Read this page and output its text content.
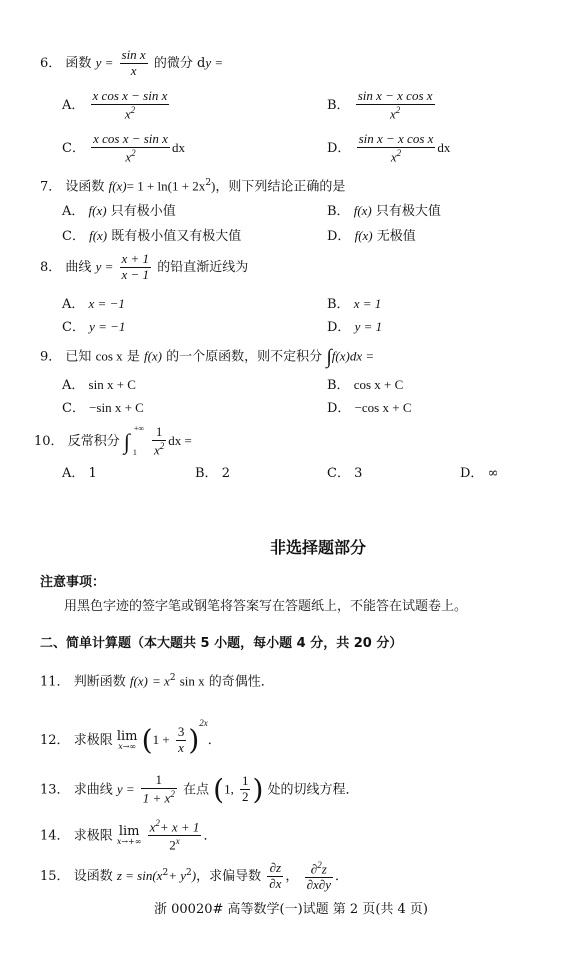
6． 函数 $y = \frac{\text{sin x}}{x}$ 的微分 dy =
A． $\frac{\text{x cos x − sin x}}{x^2}$	B． $\frac{\text{sin x − x cos x}}{x^2}$
C． $\frac{\text{x cos x − sin x}}{x^2}$ dx	D． $\frac{\text{sin x − x cos x}}{x^2}$ dx
7． 设函数 $f(x)= 1 + \ln(1 + 2x^2)$，则下列结论正确的是
A． f(x) 只有极小值	B． f(x) 只有极大值
C． f(x) 既有极小值又有极大值	D． f(x) 无极值
8． 曲线 $y = \frac{x + 1}{x - 1}$ 的铅直渐近线为
A． x = −1	B． x = 1
C． y = −1	D． y = 1
9． 已知 cos x 是 f(x) 的一个原函数，则不定积分 ∫f(x)dx =
A． sin x + C	B． cos x + C
C． −sin x + C	D． −cos x + C
10． 反常积分 ∫
+∞
1
$\frac{1}{x^2}$ dx =
A． 1	B． 2	C． 3	D． ∞
非选择题部分
注意事项：
用黑色字迹的签字笔或钢笔将答案写在答题纸上，不能答在试题卷上。
二、简单计算题（本大题共 5 小题，每小题 4 分，共 20 分）
11． 判断函数 $f(x) = x^2$ sin x 的奇偶性．
12． 求极限 lim
x→∞ $(1 + \frac{3}{x} )^{2x}$．
13． 求曲线 $y = \frac{1}{1 + x^2}$ 在点 (1, $\frac{1}{2}$ ) 处的切线方程．
14． 求极限 lim
x→+∞
$\frac{x^2+ x + 1}{2^x}$ ．
15． 设函数 $z = \sin(x^2+ y^2)$，求偏导数 $\frac{\partial z}{\partial x}$ ， $\frac{\partial^2z}{\partial x\partial y}$ ．
浙 00020# 高等数学(一)试题 第 2 页(共 4 页)
